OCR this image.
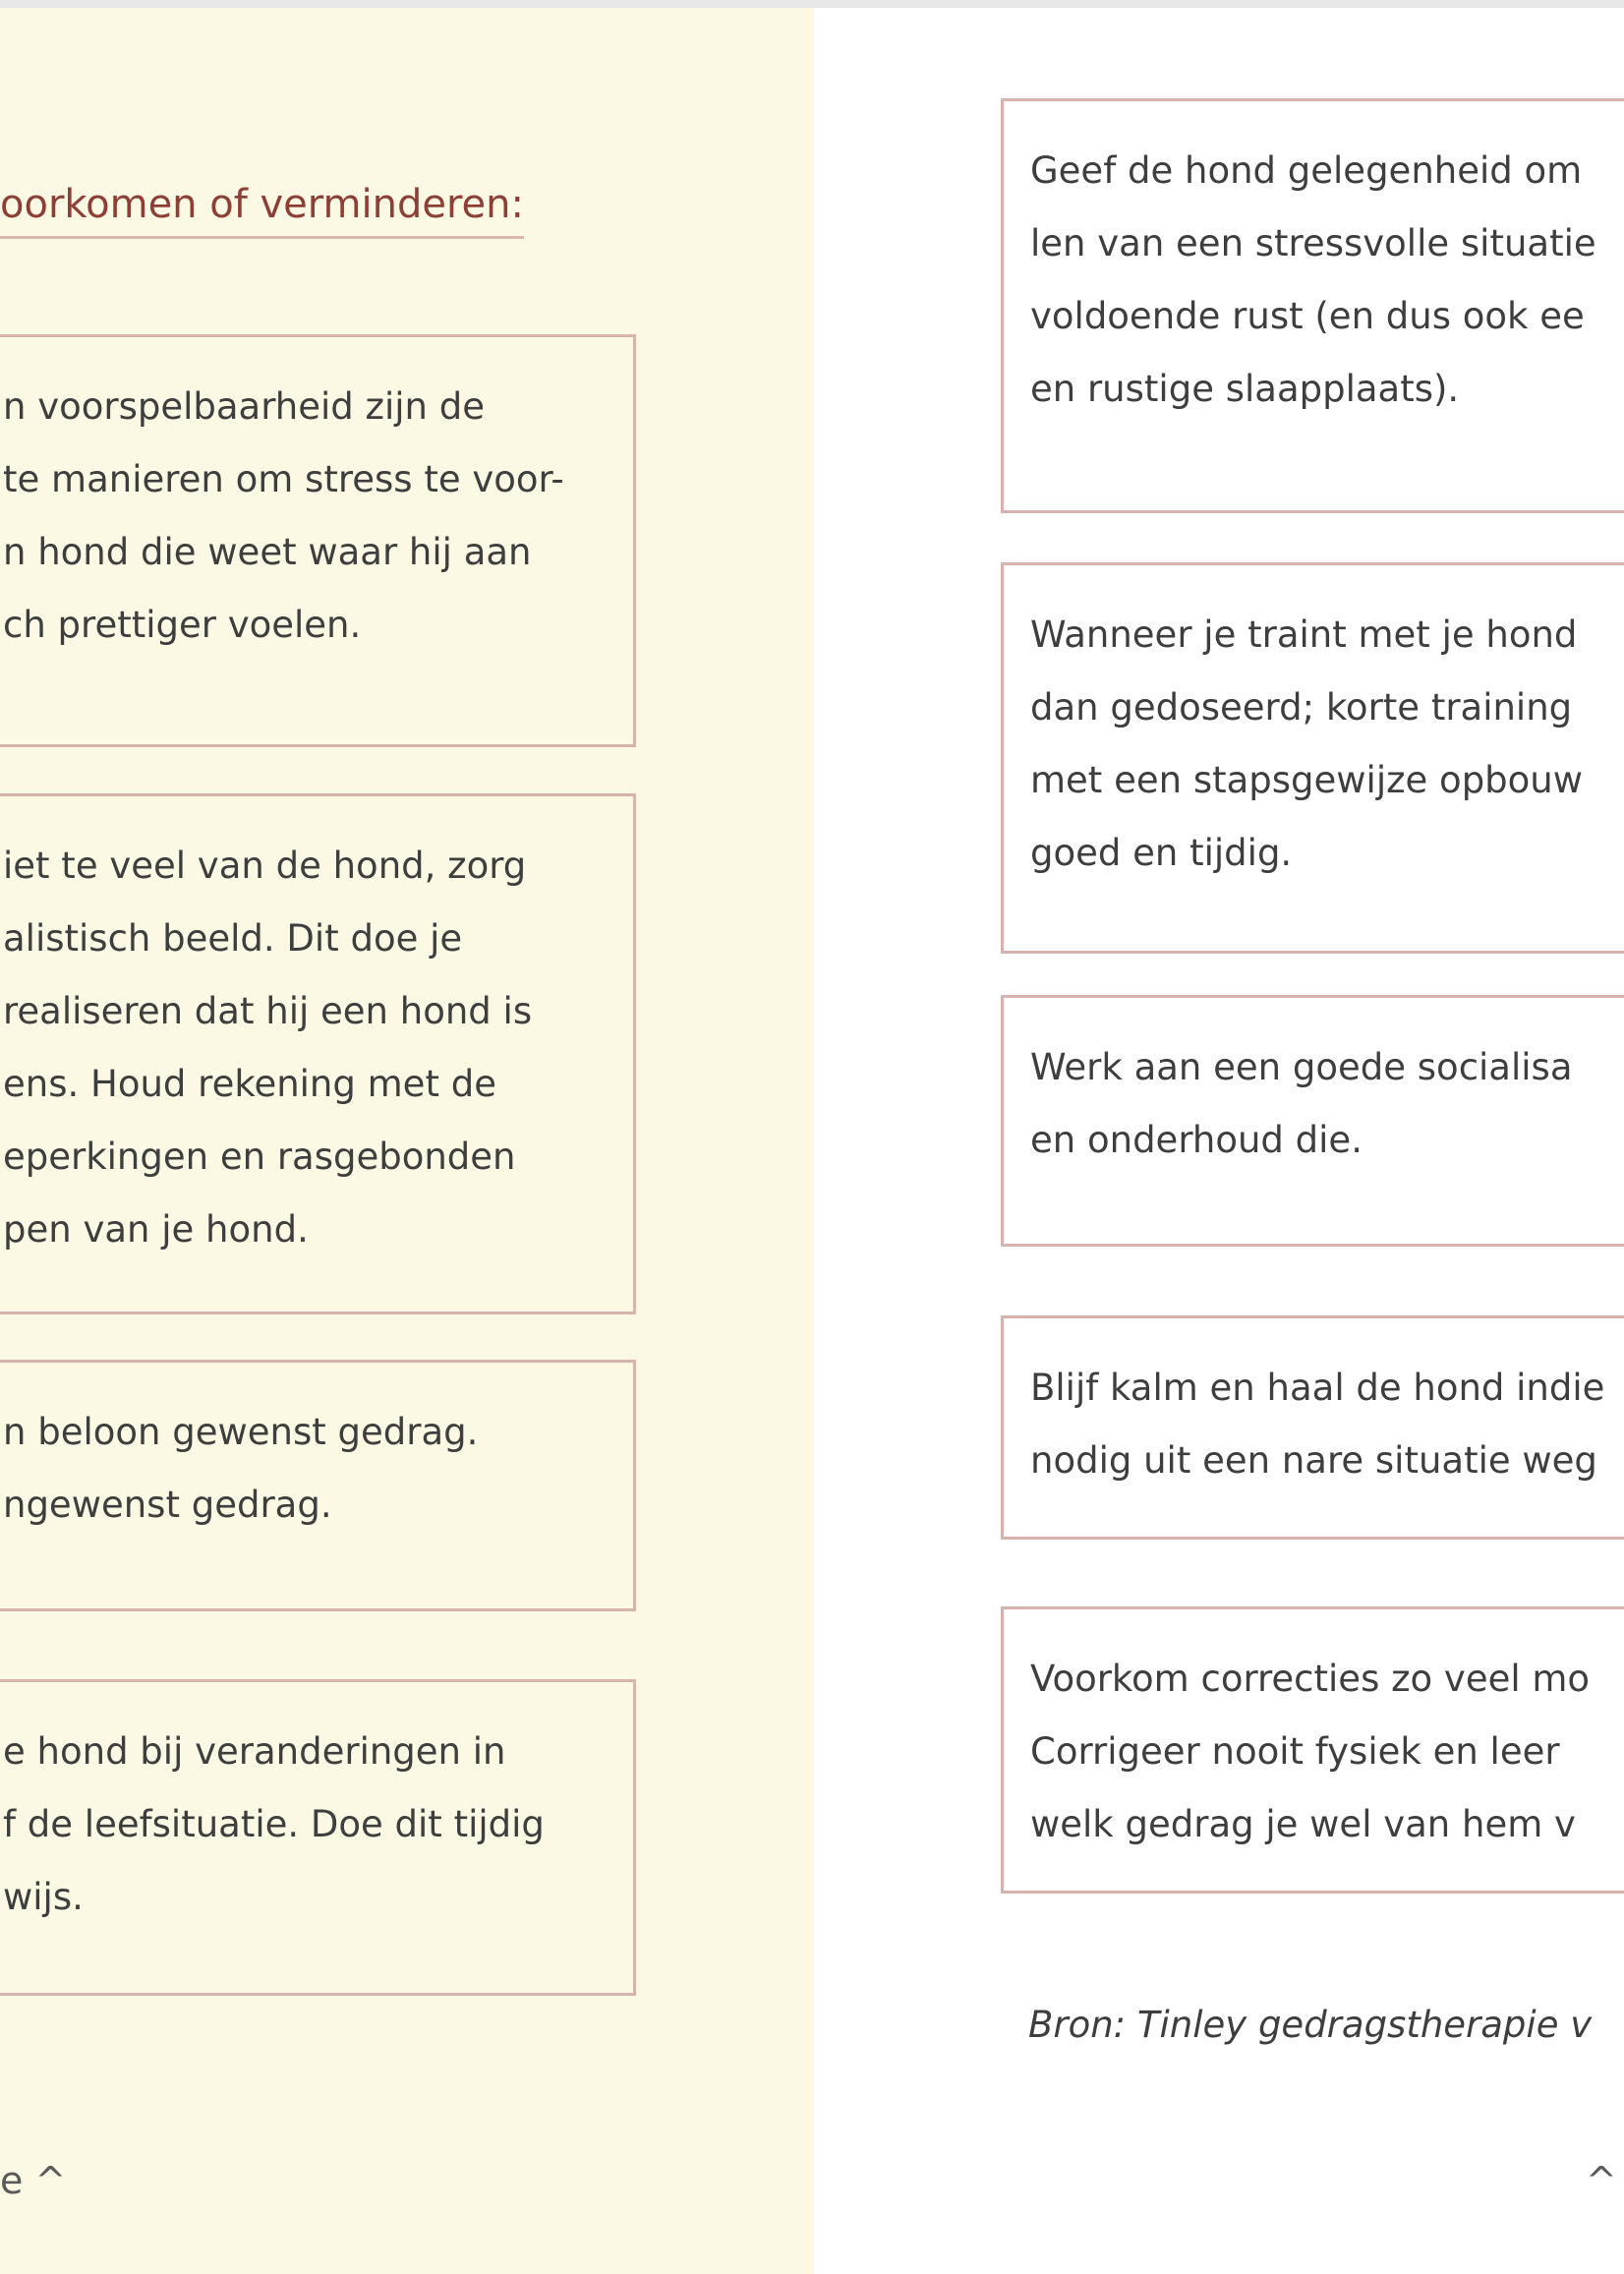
oorkomen of verminderen:

n voorspelbaarheid zijn de
te manieren om stress te voor-
n hond die weet waar hij aan
ch prettiger voelen.

iet te veel van de hond, zorg
alistisch beeld. Dit doe je
realiseren dat hij een hond is
ens. Houd rekening met de
eperkingen en rasgebonden
pen van je hond.

n beloon gewenst gedrag.
ngewenst gedrag.

e hond bij veranderingen in
f de leefsituatie. Doe dit tijdig
wijs.

e ^

Geef de hond gelegenheid om
len van een stressvolle situatie
voldoende rust (en dus ook ee
en rustige slaapplaats).

Wanneer je traint met je hond
dan gedoseerd; korte training
met een stapsgewijze opbouw
goed en tijdig.

Werk aan een goede socialisa
en onderhoud die.

Blijf kalm en haal de hond indie
nodig uit een nare situatie weg

Voorkom correcties zo veel mo
Corrigeer nooit fysiek en leer
welk gedrag je wel van hem v

Bron: Tinley gedragstherapie v
^
